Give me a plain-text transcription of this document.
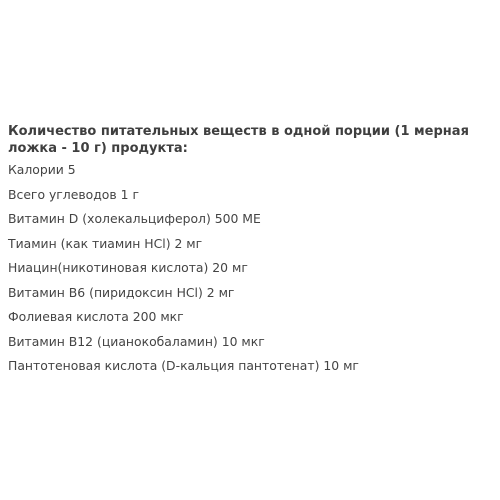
Количество питательных веществ в одной порции (1 мерная ложка - 10 г) продукта:

Калории 5
Всего углеводов 1 г
Витамин D (холекальциферол) 500 ME
Тиамин (как тиамин HCl) 2 мг
Ниацин(никотиновая кислота) 20 мг
Витамин B6 (пиридоксин HCl) 2 мг
Фолиевая кислота 200 мкг
Витамин B12 (цианокобаламин) 10 мкг
Пантотеновая кислота (D-кальция пантотенат) 10 мг
